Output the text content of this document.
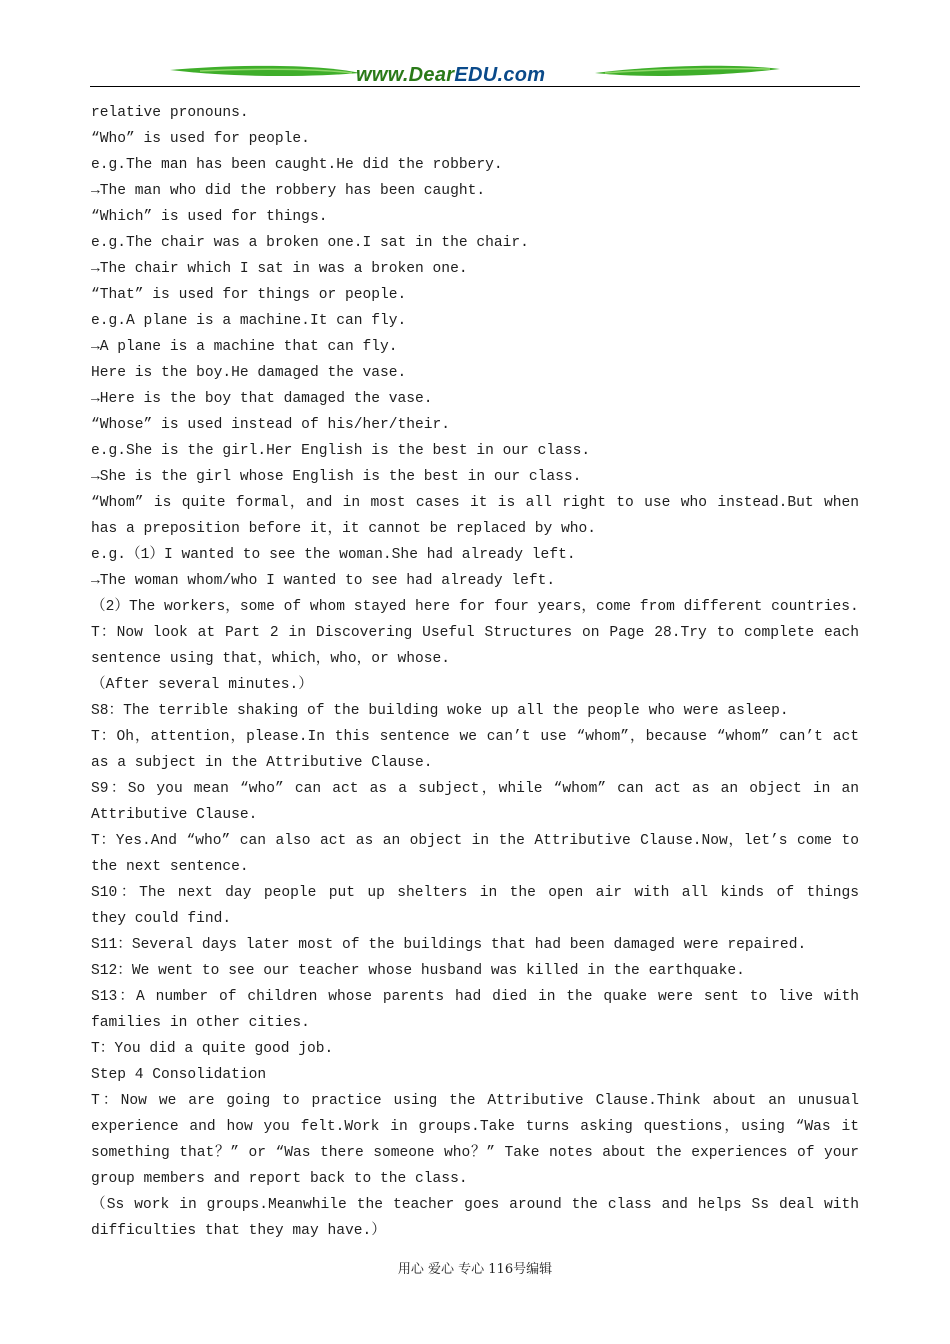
www.DearEDU.com
relative pronouns.
“Who” is used for people.
e.g.The man has been caught.He did the robbery.
→The man who did the robbery has been caught.
“Which” is used for things.
e.g.The chair was a broken one.I sat in the chair.
→The chair which I sat in was a broken one.
“That” is used for things or people.
e.g.A plane is a machine.It can fly.
→A plane is a machine that can fly.
Here is the boy.He damaged the vase.
→Here is the boy that damaged the vase.
“Whose” is used instead of his/her/their.
e.g.She is the girl.Her English is the best in our class.
→She is the girl whose English is the best in our class.
“Whom” is quite formal，and in most cases it is all right to use who instead.But when
has a preposition before it，it cannot be replaced by who.
e.g.（1）I wanted to see the woman.She had already left.
→The woman whom/who I wanted to see had already left.
（2）The workers，some of whom stayed here for four years，come from different countries.
T：Now look at Part 2 in Discovering Useful Structures on Page 28.Try to complete each
sentence using that，which，who，or whose.
（After several minutes.）
S8：The terrible shaking of the building woke up all the people who were asleep.
T：Oh，attention，please.In this sentence we can’t use “whom”，because “whom” can’t act
as a subject in the Attributive Clause.
S9：So you mean “who” can act as a subject，while “whom” can act as an object in an
Attributive Clause.
T：Yes.And “who” can also act as an object in the Attributive Clause.Now，let’s come to
the next sentence.
S10：The next day people put up shelters in the open air with all kinds of things
they could find.
S11：Several days later most of the buildings that had been damaged were repaired.
S12：We went to see our teacher whose husband was killed in the earthquake.
S13：A number of children whose parents had died in the quake were sent to live with
families in other cities.
T：You did a quite good job.
Step 4 Consolidation
T：Now we are going to practice using the Attributive Clause.Think about an unusual
experience and how you felt.Work in groups.Take turns asking questions，using “Was it
something that？” or “Was there someone who？” Take notes about the experiences of your
group members and report back to the class.
（Ss work in groups.Meanwhile the teacher goes around the class and helps Ss deal with
difficulties that they may have.）
用心 爱心 专心 116号编辑
